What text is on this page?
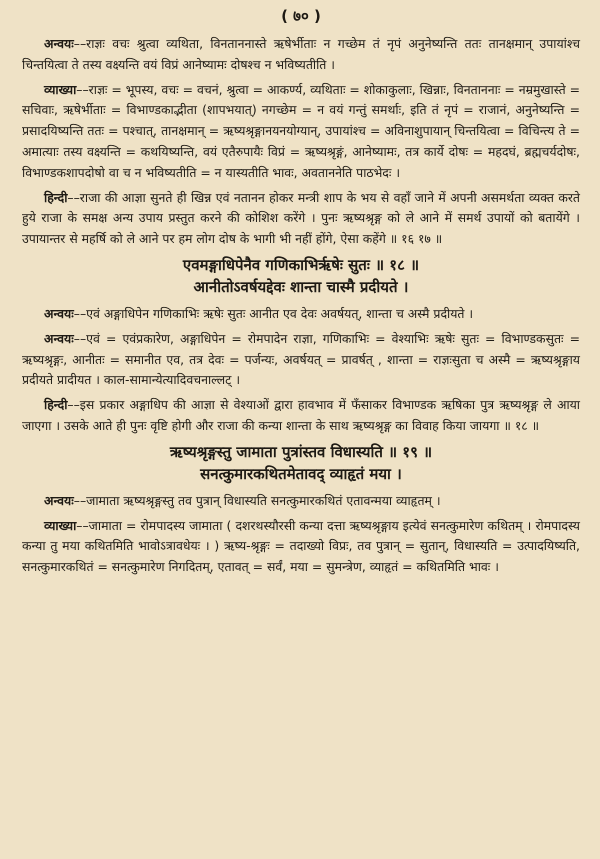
( ७० )

अन्वयः––राज्ञः वचः श्रुत्वा व्यथिता, विनताननास्ते ऋषेर्भीताः न गच्छेम तं नृपं अनुनेष्यन्ति ततः तानक्षमान् उपायांश्च चिन्तयित्वा ते तस्य वक्ष्यन्ति वयं विप्रं आनेष्यामः दोषश्च न भविष्यतीति ।

व्याख्या––राज्ञः = भूपस्य, वचः = वचनं, श्रुत्वा = आकर्ण्य, व्यथिताः = शोकाकुलाः, खिन्नाः, विनताननाः = नम्रमुखास्ते = सचिवाः, ऋषेर्भीताः = विभाण्डकाद्भीता (शापभयात्) नगच्छेम = न वयं गन्तुं समर्थाः, इति तं नृपं = राजानं, अनुनेष्यन्ति = प्रसादयिष्यन्ति ततः = पश्चात्, तानक्षमान् = ऋष्यश्रृङ्गानयनयोग्यान्, उपायांश्च = अविनाशुपायान् चिन्तयित्वा = विचिन्त्य ते = अमात्याः तस्य वक्ष्यन्ति = कथयिष्यन्ति, वयं एतैरुपायैः विप्रं = ऋष्यश्रृङ्गं, आनेष्यामः, तत्र कार्ये दोषः = महदघं, ब्रह्मचर्यदोषः, विभाण्डकशापदोषो वा च न भविष्यतीति = न यास्यतीति भावः, अवताननेति पाठभेदः ।

हिन्दी––राजा की आज्ञा सुनते ही खिन्न एवं नतानन होकर मन्त्री शाप के भय से वहाँ जाने में अपनी असमर्थता व्यक्त करते हुये राजा के समक्ष अन्य उपाय प्रस्तुत करने की कोशिश करेंगे । पुनः ऋष्यश्रृङ्ग को ले आने में समर्थ उपायों को बतायेंगे । उपायान्तर से महर्षि को ले आने पर हम लोग दोष के भागी भी नहीं होंगे, ऐसा कहेंगे ॥ १६ १७ ॥

एवमङ्गाधिपेनैव गणिकाभिर्ऋषेः सुतः ॥ १८ ॥

आनीतोऽवर्षयद्देवः शान्ता चास्मै प्रदीयते ।

अन्वयः––एवं अङ्गाधिपेन गणिकाभिः ऋषेः सुतः आनीत एव देवः अवर्षयत्, शान्ता च अस्मै प्रदीयते ।

अन्वयः––एवं = एवंप्रकारेण, अङ्गाधिपेन = रोमपादेन राज्ञा, गणिकाभिः = वेश्याभिः ऋषेः सुतः = विभाण्डकसुतः = ऋष्यश्रृङ्गः, आनीतः = समानीत एव, तत्र देवः = पर्जन्यः, अवर्षयत् = प्रावर्षत् , शान्ता = राज्ञःसुता च अस्मै = ऋष्यश्रृङ्गाय प्रदीयते प्रादीयत । काल-सामान्येत्यादिवचनाल्लट् ।

हिन्दी––इस प्रकार अङ्गाधिप की आज्ञा से वेश्याओं द्वारा हावभाव में फँसाकर विभाण्डक ऋषिका पुत्र ऋष्यश्रृङ्ग ले आया जाएगा । उसके आते ही पुनः वृष्टि होगी और राजा की कन्या शान्ता के साथ ऋष्यश्रृङ्ग का विवाह किया जायगा ॥ १८ ॥

ऋष्यश्रृङ्गस्तु जामाता पुत्रांस्तव विधास्यति ॥ १९ ॥

सनत्कुमारकथितमेतावद् व्याहृतं मया ।

अन्वयः––जामाता ऋष्यश्रृङ्गस्तु तव पुत्रान् विधास्यति सनत्कुमारकथितं एतावन्मया व्याहृतम् ।

व्याख्या––जामाता = रोमपादस्य जामाता ( दशरथस्यौरसी कन्या दत्ता ऋष्यश्रृङ्गाय इत्येवं सनत्कुमारेण कथितम् । रोमपादस्य कन्या तु मया कथितमिति भावोऽत्रावधेयः । ) ऋष्य-श्रृङ्गः = तदाख्यो विप्रः, तव पुत्रान् = सुतान्, विधास्यति = उत्पादयिष्यति, सनत्कुमारकथितं = सनत्कुमारेण निगदितम्, एतावत् = सर्वं, मया = सुमन्त्रेण, व्याहृतं = कथितमिति भावः ।
